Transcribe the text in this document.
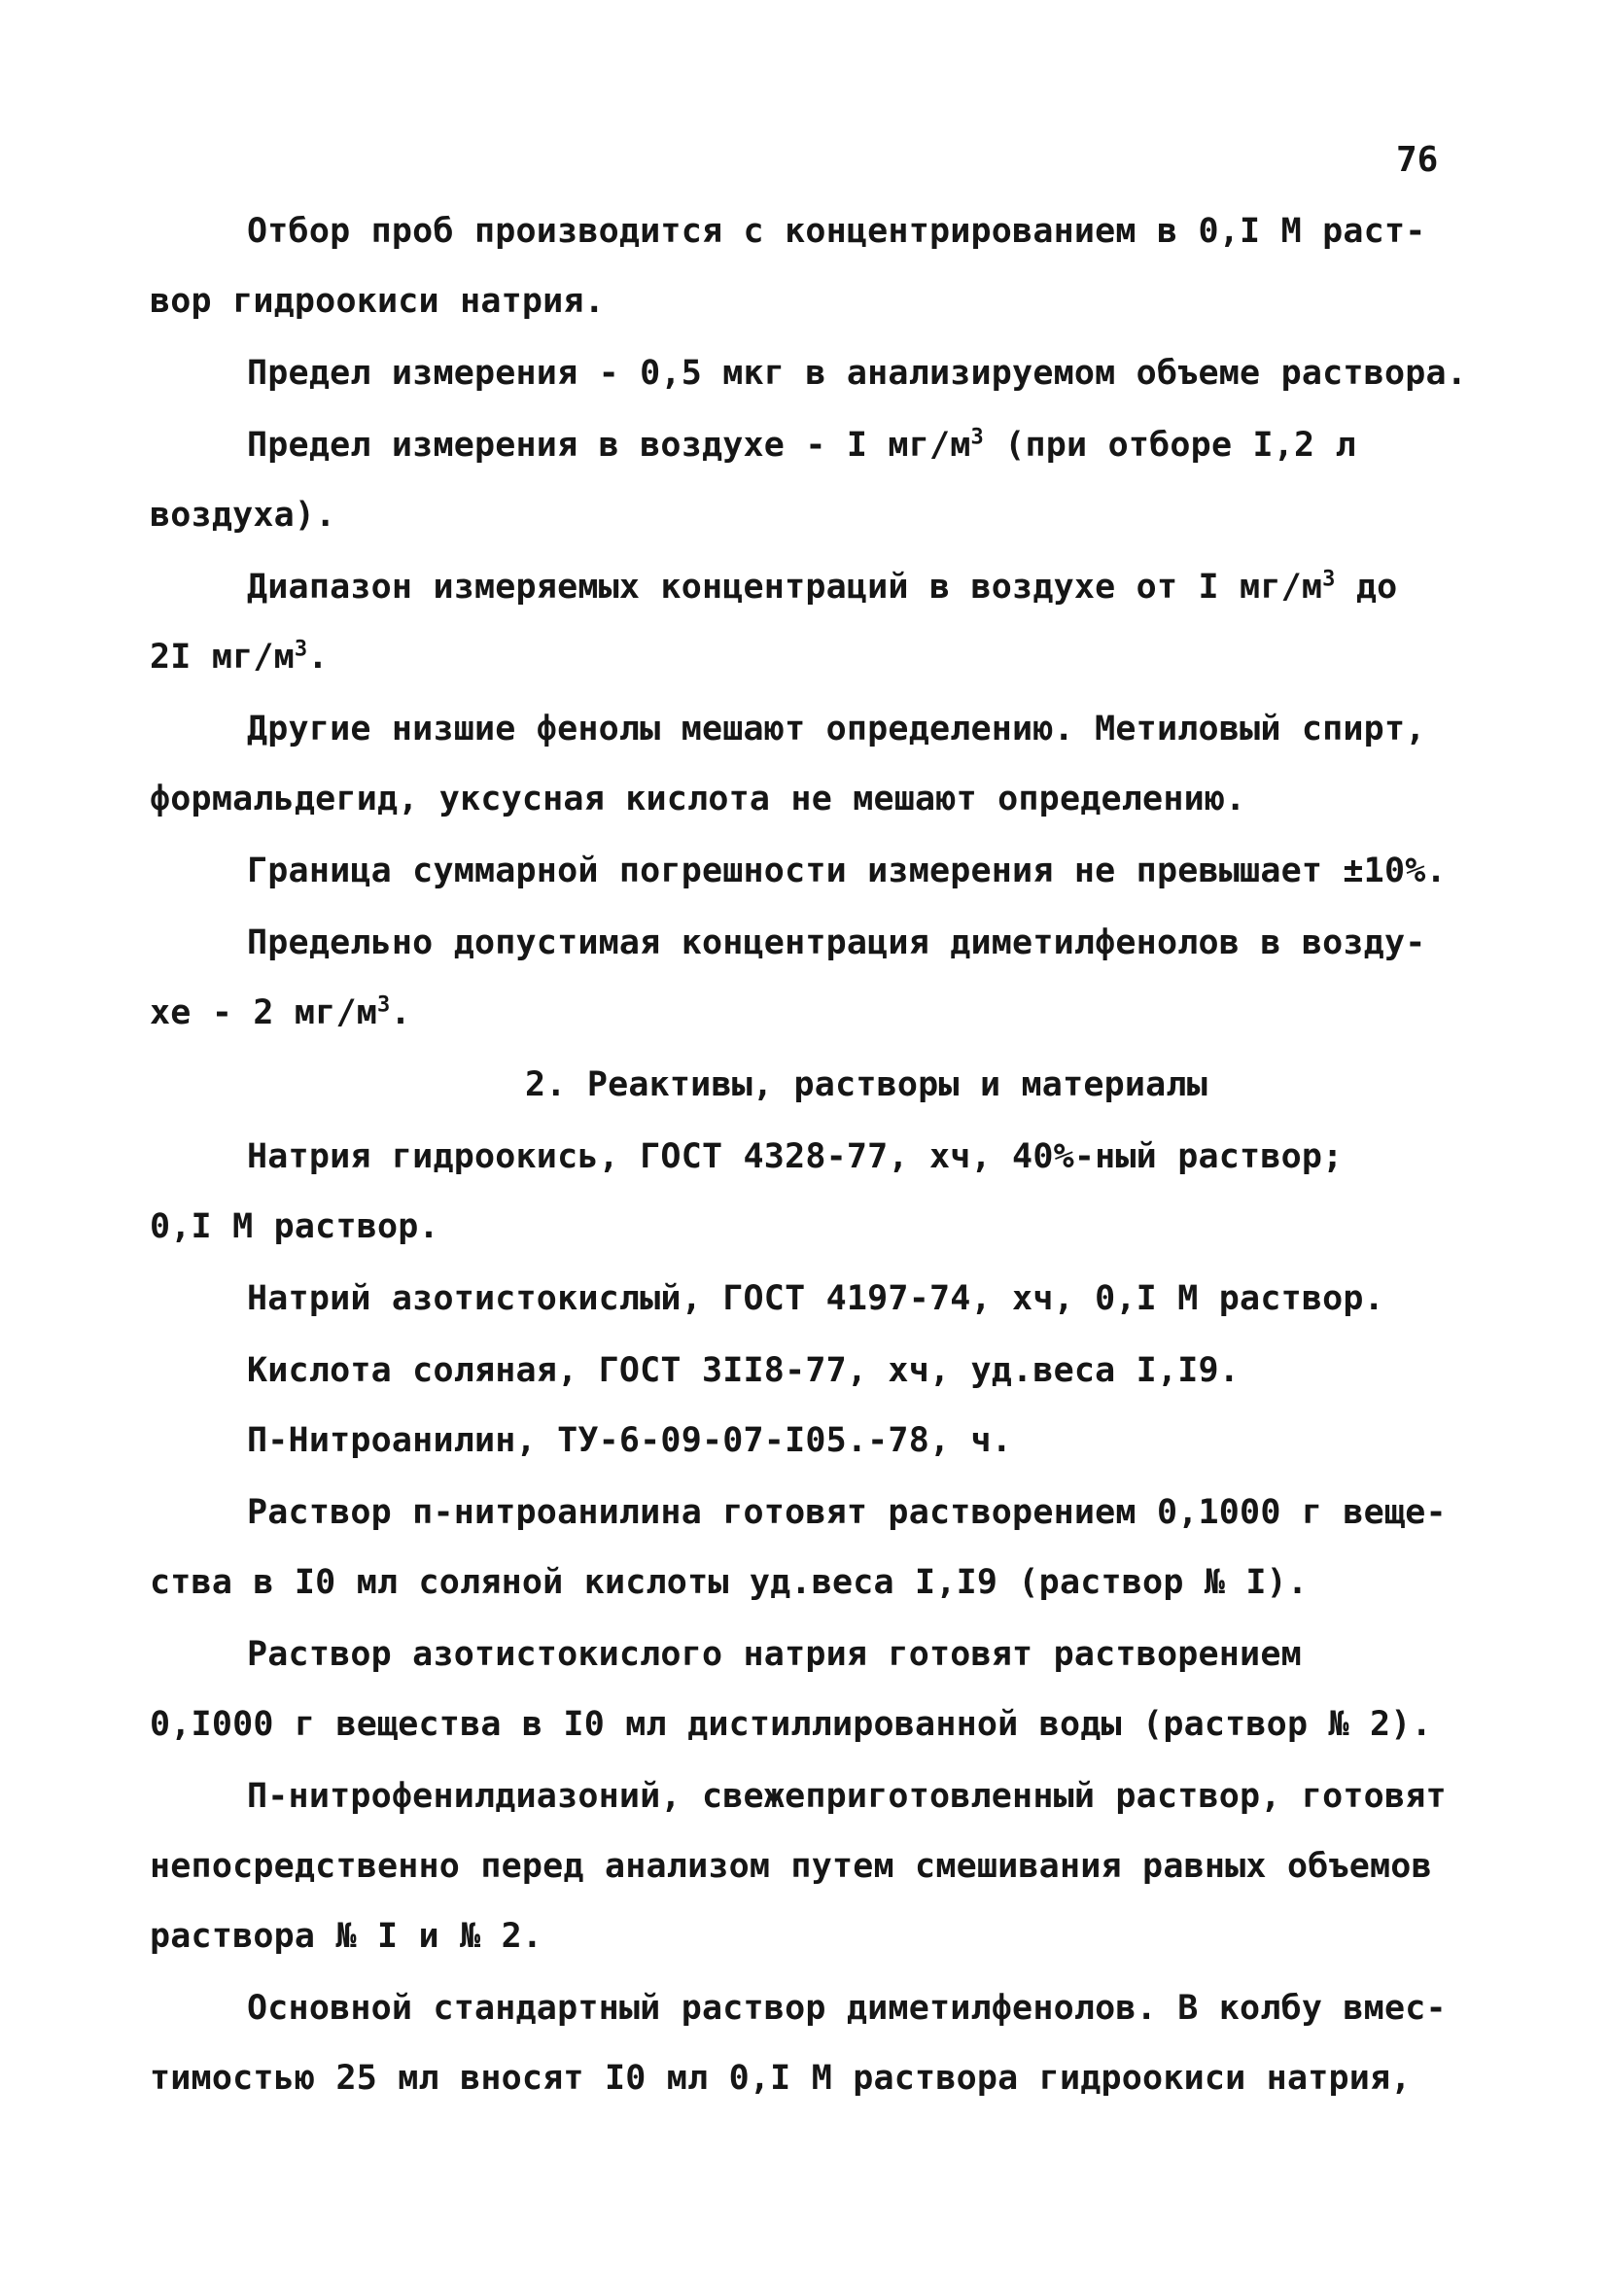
76
Отбор проб производится с концентрированием в 0,I M раст-
вор гидроокиси натрия.
Предел измерения - 0,5 мкг в анализируемом объеме раствора.
Предел измерения в воздухе - I $мг/м^3$ (при отборе I,2 л
воздуха).
Диапазон измеряемых концентраций в воздухе от I $мг/м^3$ до
2I $мг/м^3$.
Другие низшие фенолы мешают определению. Метиловый спирт,
формальдегид, уксусная кислота не мешают определению.
Граница суммарной погрешности измерения не превышает ±10%.
Предельно допустимая концентрация диметилфенолов в возду-
хе - 2 $мг/м^3$.
2. Реактивы, растворы и материалы
Натрия гидроокись, ГОСТ 4328-77, хч, 40%-ный раствор;
0,I M раствор.
Натрий азотистокислый, ГОСТ 4197-74, хч, 0,I M раствор.
Кислота соляная, ГОСТ 3II8-77, хч, уд.веса I,I9.
П-Нитроанилин, ТУ-6-09-07-I05.-78, ч.
Раствор п-нитроанилина готовят растворением 0,1000 г веще-
ства в I0 мл соляной кислоты уд.веса I,I9 (раствор № I).
Раствор азотистокислого натрия готовят растворением
0,I000 г вещества в I0 мл дистиллированной воды (раствор № 2).
П-нитрофенилдиазоний, свежеприготовленный раствор, готовят
непосредственно перед анализом путем смешивания равных объемов
раствора № I и № 2.
Основной стандартный раствор диметилфенолов. В колбу вмес-
тимостью 25 мл вносят I0 мл 0,I M раствора гидроокиси натрия,
